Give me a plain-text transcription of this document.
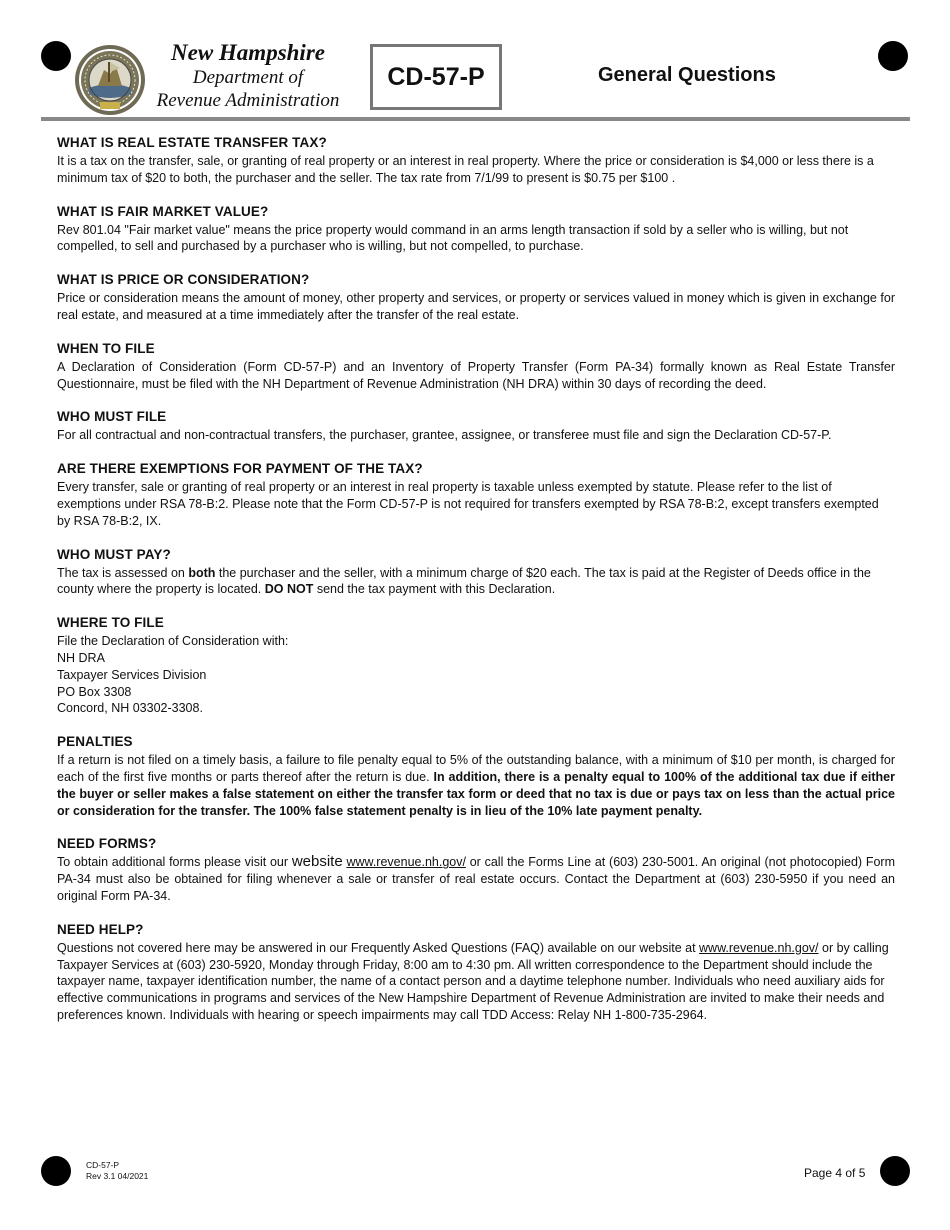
New Hampshire
Department of
Revenue Administration
CD-57-P	General Questions
WHAT IS REAL ESTATE TRANSFER TAX?

It is a tax on the transfer, sale, or granting of real property or an interest in real property. Where the price or consideration is $4,000 or less there is a minimum tax of $20 to both, the purchaser and the seller. The tax rate from 7/1/99 to present is $0.75 per $100 .

WHAT IS FAIR MARKET VALUE?

Rev 801.04 "Fair market value" means the price property would command in an arms length transaction if sold by a seller who is willing, but not compelled, to sell and purchased by a purchaser who is willing, but not compelled, to purchase.

WHAT IS PRICE OR CONSIDERATION?

Price or consideration means the amount of money, other property and services, or property or services valued in money which is given in exchange for real estate, and measured at a time immediately after the transfer of the real estate.

WHEN TO FILE

A Declaration of Consideration (Form CD-57-P) and an Inventory of Property Transfer (Form PA-34) formally known as Real Estate Transfer Questionnaire, must be filed with the NH Department of Revenue Administration (NH DRA) within 30 days of recording the deed.

WHO MUST FILE

For all contractual and non-contractual transfers, the purchaser, grantee, assignee, or transferee must file and sign the Declaration CD-57-P.

ARE THERE EXEMPTIONS FOR PAYMENT OF THE TAX?

Every transfer, sale or granting of real property or an interest in real property is taxable unless exempted by statute. Please refer to the list of exemptions under RSA 78-B:2. Please note that the Form CD-57-P is not required for transfers exempted by RSA 78-B:2, except transfers exempted by RSA 78-B:2, IX.

WHO MUST PAY?

The tax is assessed on both the purchaser and the seller, with a minimum charge of $20 each. The tax is paid at the Register of Deeds office in the county where the property is located. DO NOT send the tax payment with this Declaration.

WHERE TO FILE
File the Declaration of Consideration with:
NH DRA
Taxpayer Services Division
PO Box 3308
Concord, NH 03302-3308.
PENALTIES

If a return is not filed on a timely basis, a failure to file penalty equal to 5% of the outstanding balance, with a minimum of $10 per month, is charged for each of the first five months or parts thereof after the return is due. In addition, there is a penalty equal to 100% of the additional tax due if either the buyer or seller makes a false statement on either the transfer tax form or deed that no tax is due or pays tax on less than the actual price or consideration for the transfer. The 100% false statement penalty is in lieu of the 10% late payment penalty.

NEED FORMS?

To obtain additional forms please visit our website www.revenue.nh.gov/ or call the Forms Line at (603) 230-5001. An original (not photocopied) Form PA-34 must also be obtained for filing whenever a sale or transfer of real estate occurs. Contact the Department at (603) 230-5950 if you need an original Form PA-34.

NEED HELP?

Questions not covered here may be answered in our Frequently Asked Questions (FAQ) available on our website at www.revenue.nh.gov/ or by calling Taxpayer Services at (603) 230-5920, Monday through Friday, 8:00 am to 4:30 pm. All written correspondence to the Department should include the taxpayer name, taxpayer identification number, the name of a contact person and a daytime telephone number. Individuals who need auxiliary aids for effective communications in programs and services of the New Hampshire Department of Revenue Administration are invited to make their needs and preferences known. Individuals with hearing or speech impairments may call TDD Access: Relay NH 1-800-735-2964.

CD-57-P
Rev 3.1 04/2021	Page 4 of 5
